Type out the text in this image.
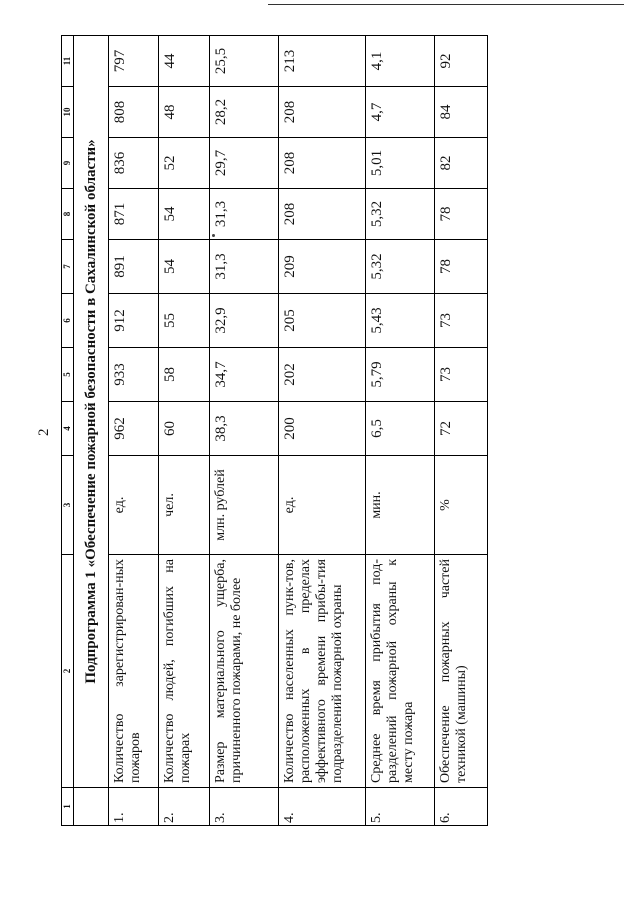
2
1	2	3	4	5	6	7	8	9	10	11
	Подпрограмма 1 «Обеспечение пожарной безопасности в Сахалинской области»									
1.	Количество зарегистрирован-ных пожаров	ед.	962	933	912	891	871	836	808	797
2.	Количество людей, погибших на пожарах	чел.	60	58	55	54	54	52	48	44
3.	Размер материального ущерба, причиненного пожарами, не более	млн. рублей	38,3	34,7	32,9	31,3	31,3	29,7	28,2	25,5
4.	Количество населенных пунк-тов, расположенных в пределах эффективного времени прибы-тия подразделений пожарной охраны	ед.	200	202	205	209	208	208	208	213
5.	Среднее время прибытия под-разделений пожарной охраны к месту пожара	мин.	6,5	5,79	5,43	5,32	5,32	5,01	4,7	4,1
6.	Обеспечение пожарных частей техникой (машины)	%	72	73	73	78	78	82	84	92
